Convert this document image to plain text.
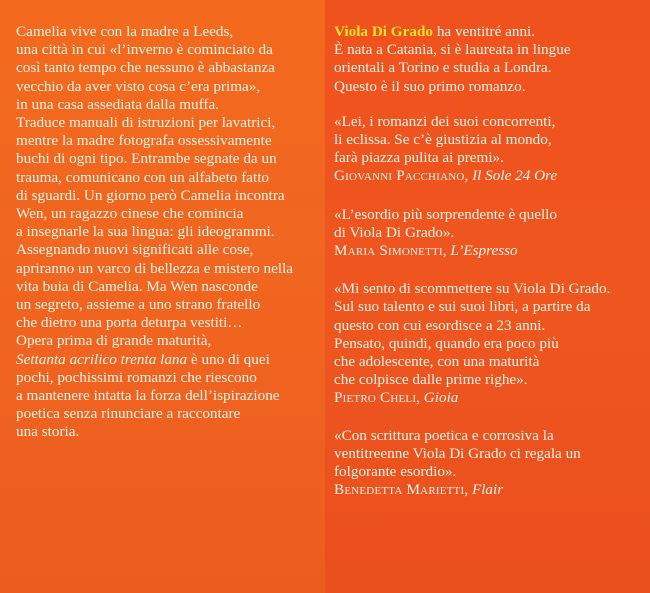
Camelia vive con la madre a Leeds,
una città in cui «l’inverno è cominciato da
così tanto tempo che nessuno è abbastanza
vecchio da aver visto cosa c’era prima»,
in una casa assediata dalla muffa.
Traduce manuali di istruzioni per lavatrici,
mentre la madre fotografa ossessivamente
buchi di ogni tipo. Entrambe segnate da un
trauma, comunicano con un alfabeto fatto
di sguardi. Un giorno però Camelia incontra
Wen, un ragazzo cinese che comincia
a insegnarle la sua lingua: gli ideogrammi.
Assegnando nuovi significati alle cose,
apriranno un varco di bellezza e mistero nella
vita buia di Camelia. Ma Wen nasconde
un segreto, assieme a uno strano fratello
che dietro una porta deturpa vestiti…
Opera prima di grande maturità,
Settanta acrilico trenta lana è uno di quei
pochi, pochissimi romanzi che riescono
a mantenere intatta la forza dell’ispirazione
poetica senza rinunciare a raccontare
una storia.
Viola Di Grado ha ventitré anni.
È nata a Catania, si è laureata in lingue
orientali a Torino e studia a Londra.
Questo è il suo primo romanzo.
«Lei, i romanzi dei suoi concorrenti,
li eclissa. Se c’è giustizia al mondo,
farà piazza pulita ai premi».
Giovanni Pacchiano, Il Sole 24 Ore
«L’esordio più sorprendente è quello
di Viola Di Grado».
Maria Simonetti, L’Espresso
«Mi sento di scommettere su Viola Di Grado.
Sul suo talento e sui suoi libri, a partire da
questo con cui esordisce a 23 anni.
Pensato, quindi, quando era poco più
che adolescente, con una maturità
che colpisce dalle prime righe».
Pietro Cheli, Gioia
«Con scrittura poetica e corrosiva la
ventitreenne Viola Di Grado ci regala un
folgorante esordio».
Benedetta Marietti, Flair
